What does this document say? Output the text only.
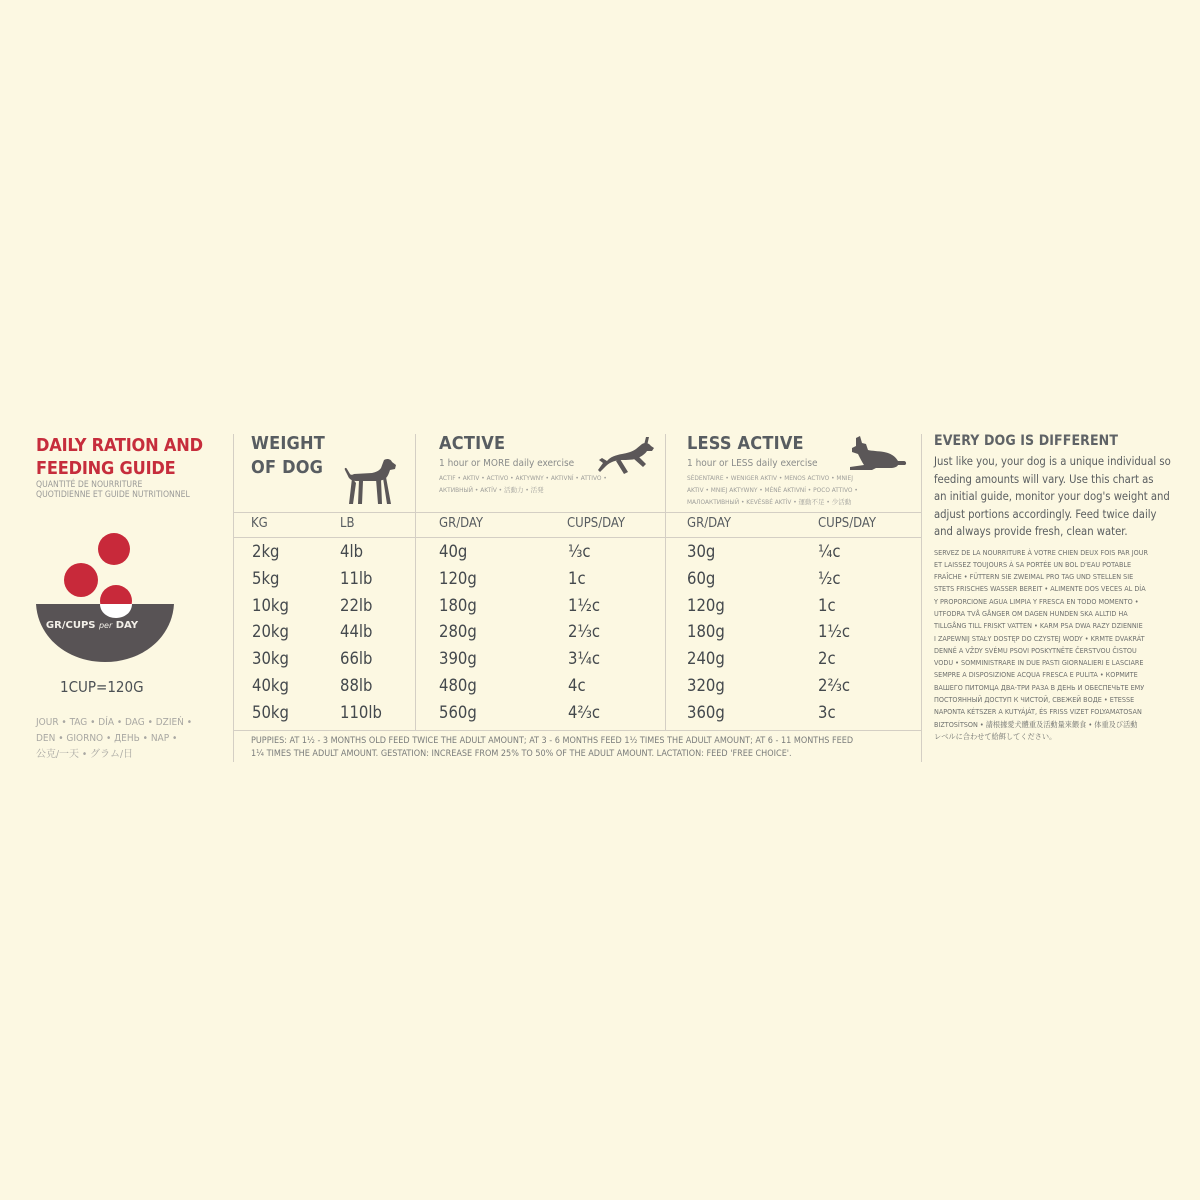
DAILY RATION AND
FEEDING GUIDE
QUANTITÉ DE NOURRITURE
QUOTIDIENNE ET GUIDE NUTRITIONNEL
GR/CUPS per DAY
1CUP=120G
JOUR • TAG • DÍA • DAG • DZIEŃ •
DEN • GIORNO • ДЕНЬ • NAP •
公克/一天 • グラム/日
WEIGHT
OF DOG
ACTIVE
1 hour or MORE daily exercise
ACTIF • AKTIV • ACTIVO • AKTYWNY • AKTIVNÍ • ATTIVO •
АКТИВНЫЙ • AKTÍV • 活動力 • 活発
LESS ACTIVE
1 hour or LESS daily exercise
SÉDENTAIRE • WENIGER AKTIV • MENOS ACTIVO • MNIEJ
AKTIV • MNIEJ AKTYWNY • MÉNĚ AKTIVNÍ • POCO ATTIVO •
МАЛОАКТИВНЫЙ • KEVÉSBÉ AKTÍV • 運動不足 • 少活動
KG	LB	GR/DAY	CUPS/DAY	GR/DAY	CUPS/DAY
2kg	4lb	40g	⅓c	30g	¼c
5kg	11lb	120g	1c	60g	½c
10kg	22lb	180g	1½c	120g	1c
20kg	44lb	280g	2⅓c	180g	1½c
30kg	66lb	390g	3¼c	240g	2c
40kg	88lb	480g	4c	320g	2⅔c
50kg	110lb	560g	4⅔c	360g	3c
PUPPIES: AT 1½ - 3 MONTHS OLD FEED TWICE THE ADULT AMOUNT; AT 3 - 6 MONTHS FEED 1½ TIMES THE ADULT AMOUNT; AT 6 - 11 MONTHS FEED
1¼ TIMES THE ADULT AMOUNT. GESTATION: INCREASE FROM 25% TO 50% OF THE ADULT AMOUNT. LACTATION: FEED 'FREE CHOICE'.
EVERY DOG IS DIFFERENT
Just like you, your dog is a unique individual so
feeding amounts will vary. Use this chart as
an initial guide, monitor your dog's weight and
adjust portions accordingly. Feed twice daily
and always provide fresh, clean water.
SERVEZ DE LA NOURRITURE À VOTRE CHIEN DEUX FOIS PAR JOUR
ET LAISSEZ TOUJOURS À SA PORTÉE UN BOL D'EAU POTABLE
FRAÎCHE • FÜTTERN SIE ZWEIMAL PRO TAG UND STELLEN SIE
STETS FRISCHES WASSER BEREIT • ALIMENTE DOS VECES AL DÍA
Y PROPORCIONE AGUA LIMPIA Y FRESCA EN TODO MOMENTO •
UTFODRA TVÅ GÅNGER OM DAGEN HUNDEN SKA ALLTID HA
TILLGÅNG TILL FRISKT VATTEN • KARM PSA DWA RAZY DZIENNIE
I ZAPEWNIJ STAŁY DOSTĘP DO CZYSTEJ WODY • KRMTE DVAKRÁT
DENNĚ A VŽDY SVÉMU PSOVI POSKYTNĚTE ČERSTVOU ČISTOU
VODU • SOMMINISTRARE IN DUE PASTI GIORNALIERI E LASCIARE
SEMPRE A DISPOSIZIONE ACQUA FRESCA E PULITA • КОРМИТЕ
ВАШЕГО ПИТОМЦА ДВА-ТРИ РАЗА В ДЕНЬ И ОБЕСПЕЧЬТЕ ЕМУ
ПОСТОЯННЫЙ ДОСТУП К ЧИСТОЙ, СВЕЖЕЙ ВОДЕ • ETESSE
NAPONTA KÉTSZER A KUTYÁJÁT, ÉS FRISS VIZET FOLYAMATOSAN
BIZTOSÍTSON • 請根據愛犬體重及活動量來餵食 • 体重及び活動
レベルに合わせて給餌してください。
